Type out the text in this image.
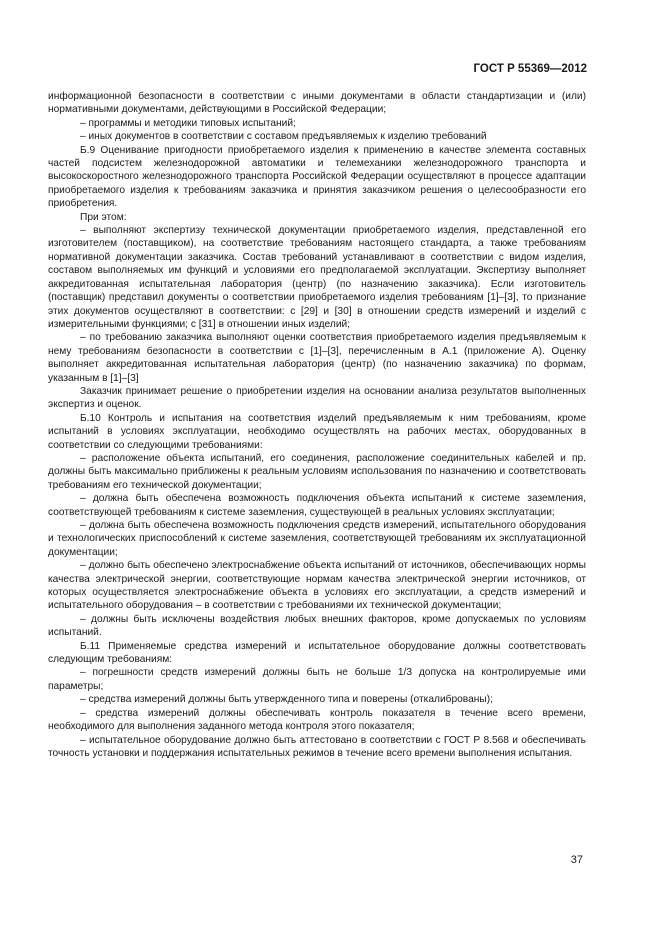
ГОСТ Р 55369—2012

информационной безопасности в соответствии с иными документами в области стандартизации и (или) нормативными документами, действующими в Российской Федерации;

– программы и методики типовых испытаний;

– иных документов в соответствии с составом предъявляемых к изделию требований

Б.9 Оценивание пригодности приобретаемого изделия к применению в качестве элемента составных частей подсистем железнодорожной автоматики и телемеханики железнодорожного транспорта и высокоскоростного железнодорожного транспорта Российской Федерации осуществляют в процессе адаптации приобретаемого изделия к требованиям заказчика и принятия заказчиком решения о целесообразности его приобретения.

При этом:

– выполняют экспертизу технической документации приобретаемого изделия, представленной его изготовителем (поставщиком), на соответствие требованиям настоящего стандарта, а также требованиям нормативной документации заказчика. Состав требований устанавливают в соответствии с видом изделия, составом выполняемых им функций и условиями его предполагаемой эксплуатации. Экспертизу выполняет аккредитованная испытательная лаборатория (центр) (по назначению заказчика). Если изготовитель (поставщик) представил документы о соответствии приобретаемого изделия требованиям [1]–[3], то признание этих документов осуществляют в соответствии: с [29] и [30] в отношении средств измерений и изделий с измерительными функциями; с [31] в отношении иных изделий;

– по требованию заказчика выполняют оценки соответствия приобретаемого изделия предъявляемым к нему требованиям безопасности в соответствии с [1]–[3], перечисленным в А.1 (приложение А). Оценку выполняет аккредитованная испытательная лаборатория (центр) (по назначению заказчика) по формам, указанным в [1]–[3]

Заказчик принимает решение о приобретении изделия на основании анализа результатов выполненных экспертиз и оценок.

Б.10 Контроль и испытания на соответствия изделий предъявляемым к ним требованиям, кроме испытаний в условиях эксплуатации, необходимо осуществлять на рабочих местах, оборудованных в соответствии со следующими требованиями:

– расположение объекта испытаний, его соединения, расположение соединительных кабелей и пр. должны быть максимально приближены к реальным условиям использования по назначению и соответствовать требованиям его технической документации;

– должна быть обеспечена возможность подключения объекта испытаний к системе заземления, соответствующей требованиям к системе заземления, существующей в реальных условиях эксплуатации;

– должна быть обеспечена возможность подключения средств измерений, испытательного оборудования и технологических приспособлений к системе заземления, соответствующей требованиям их эксплуатационной документации;

– должно быть обеспечено электроснабжение объекта испытаний от источников, обеспечивающих нормы качества электрической энергии, соответствующие нормам качества электрической энергии источников, от которых осуществляется электроснабжение объекта в условиях его эксплуатации, а средств измерений и испытательного оборудования – в соответствии с требованиями их технической документации;

– должны быть исключены воздействия любых внешних факторов, кроме допускаемых по условиям испытаний.

Б.11 Применяемые средства измерений и испытательное оборудование должны соответствовать следующим требованиям:

– погрешности средств измерений должны быть не больше 1/3 допуска на контролируемые ими параметры;

– средства измерений должны быть утвержденного типа и поверены (откалиброваны);

– средства измерений должны обеспечивать контроль показателя в течение всего времени, необходимого для выполнения заданного метода контроля этого показателя;

– испытательное оборудование должно быть аттестовано в соответствии с ГОСТ Р 8.568 и обеспечивать точность установки и поддержания испытательных режимов в течение всего времени выполнения испытания.

37
